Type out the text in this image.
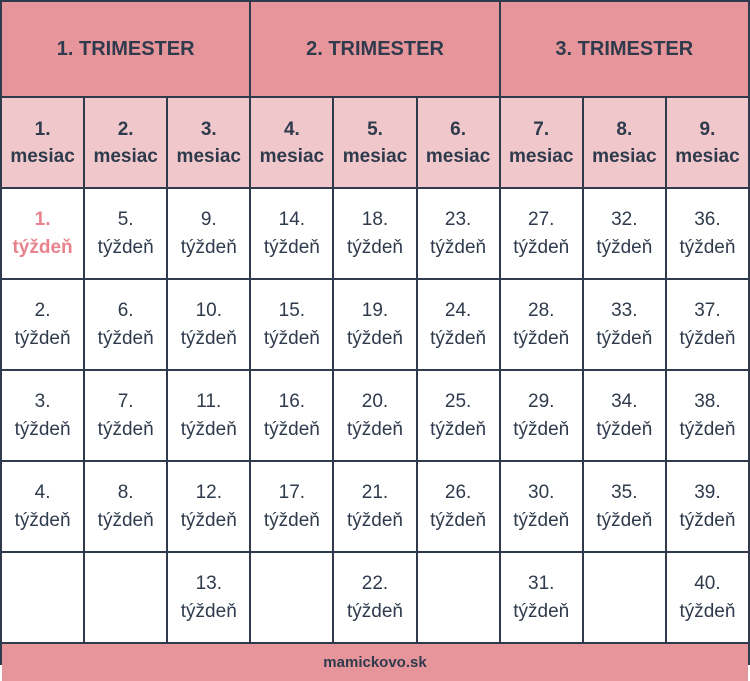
1. TRIMESTER	2. TRIMESTER	3. TRIMESTER
1.
mesiac
2.
mesiac
3.
mesiac
4.
mesiac
5.
mesiac
6.
mesiac
7.
mesiac
8.
mesiac
9.
mesiac
1.
týždeň
5.
týždeň
9.
týždeň
14.
týždeň
18.
týždeň
23.
týždeň
27.
týždeň
32.
týždeň
36.
týždeň
2.
týždeň
6.
týždeň
10.
týždeň
15.
týždeň
19.
týždeň
24.
týždeň
28.
týždeň
33.
týždeň
37.
týždeň
3.
týždeň
7.
týždeň
11.
týždeň
16.
týždeň
20.
týždeň
25.
týždeň
29.
týždeň
34.
týždeň
38.
týždeň
4.
týždeň
8.
týždeň
12.
týždeň
17.
týždeň
21.
týždeň
26.
týždeň
30.
týždeň
35.
týždeň
39.
týždeň
13.
týždeň
22.
týždeň
31.
týždeň
40.
týždeň
mamickovo.sk
